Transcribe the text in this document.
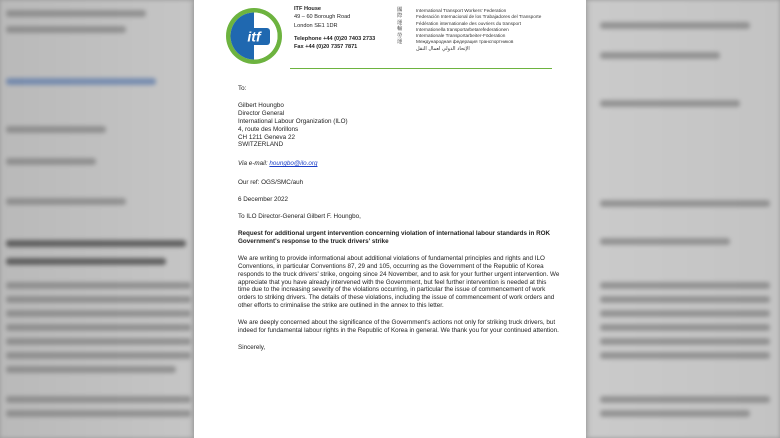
itf
ITF House
49 – 60 Borough Road
London SE1 1DR
Telephone +44 (0)20 7403 2733
Fax +44 (0)20 7357 7871
國際運輸勞運
International Transport Workers' Federation
Federación Internacional de los Trabajadores del Transporte
Fédération internationale des ouvriers du transport
Internationella transportarbetarefederationen
Internationale Transportarbeiter-Föderation
Международная федерация транспортников
الإتحاد الدولي لعمال النقل

To:

Gilbert Houngbo

Director General

International Labour Organization (ILO)

4, route des Morillons

CH 1211 Geneva 22

SWITZERLAND

Via e-mail: houngbo@ilo.org

Our ref: OGS/SMC/auh

6 December 2022

To ILO Director-General Gilbert F. Houngbo,

Request for additional urgent intervention concerning violation of international labour standards in ROK Government's response to the truck drivers' strike

We are writing to provide informational about additional violations of fundamental principles and rights and ILO Conventions, in particular Conventions 87, 29 and 105, occurring as the Government of the Republic of Korea responds to the truck drivers' strike, ongoing since 24 November, and to ask for your further urgent intervention. We appreciate that you have already intervened with the Government, but feel further intervention is needed at this time due to the increasing severity of the violations occurring, in particular the issue of commencement of work orders to striking drivers. The details of these violations, including the issue of commencement of work orders and other efforts to criminalise the strike are outlined in the annex to this letter.

We are deeply concerned about the significance of the Government's actions not only for striking truck drivers, but indeed for fundamental labour rights in the Republic of Korea in general. We thank you for your continued attention.

Sincerely,
